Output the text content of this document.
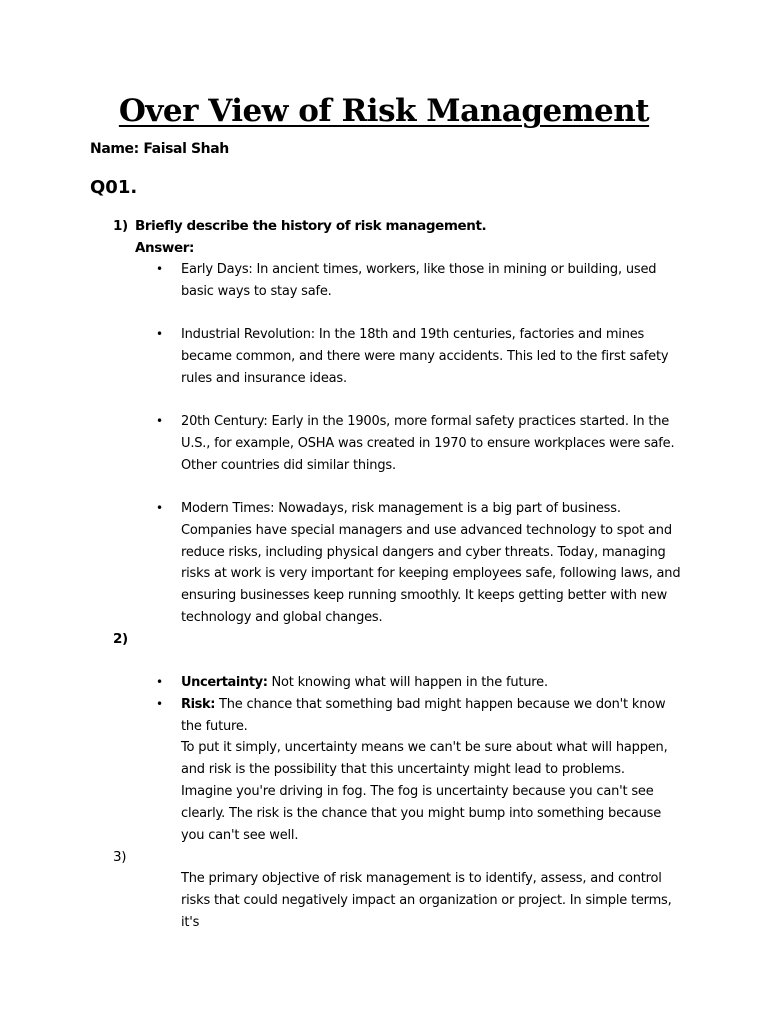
Over View of Risk Management
Name: Faisal Shah
Q01.
1) Briefly describe the history of risk management.
Answer:
• Early Days: In ancient times, workers, like those in mining or building, used basic ways to stay safe.
• Industrial Revolution: In the 18th and 19th centuries, factories and mines became common, and there were many accidents. This led to the first safety rules and insurance ideas.
• 20th Century: Early in the 1900s, more formal safety practices started. In the U.S., for example, OSHA was created in 1970 to ensure workplaces were safe. Other countries did similar things.
• Modern Times: Nowadays, risk management is a big part of business. Companies have special managers and use advanced technology to spot and reduce risks, including physical dangers and cyber threats. Today, managing risks at work is very important for keeping employees safe, following laws, and ensuring businesses keep running smoothly. It keeps getting better with new technology and global changes.
2)
• Uncertainty: Not knowing what will happen in the future.
• Risk: The chance that something bad might happen because we don't know the future.
To put it simply, uncertainty means we can't be sure about what will happen, and risk is the possibility that this uncertainty might lead to problems.
Imagine you're driving in fog. The fog is uncertainty because you can't see clearly. The risk is the chance that you might bump into something because you can't see well.
3)
The primary objective of risk management is to identify, assess, and control risks that could negatively impact an organization or project. In simple terms, it's
